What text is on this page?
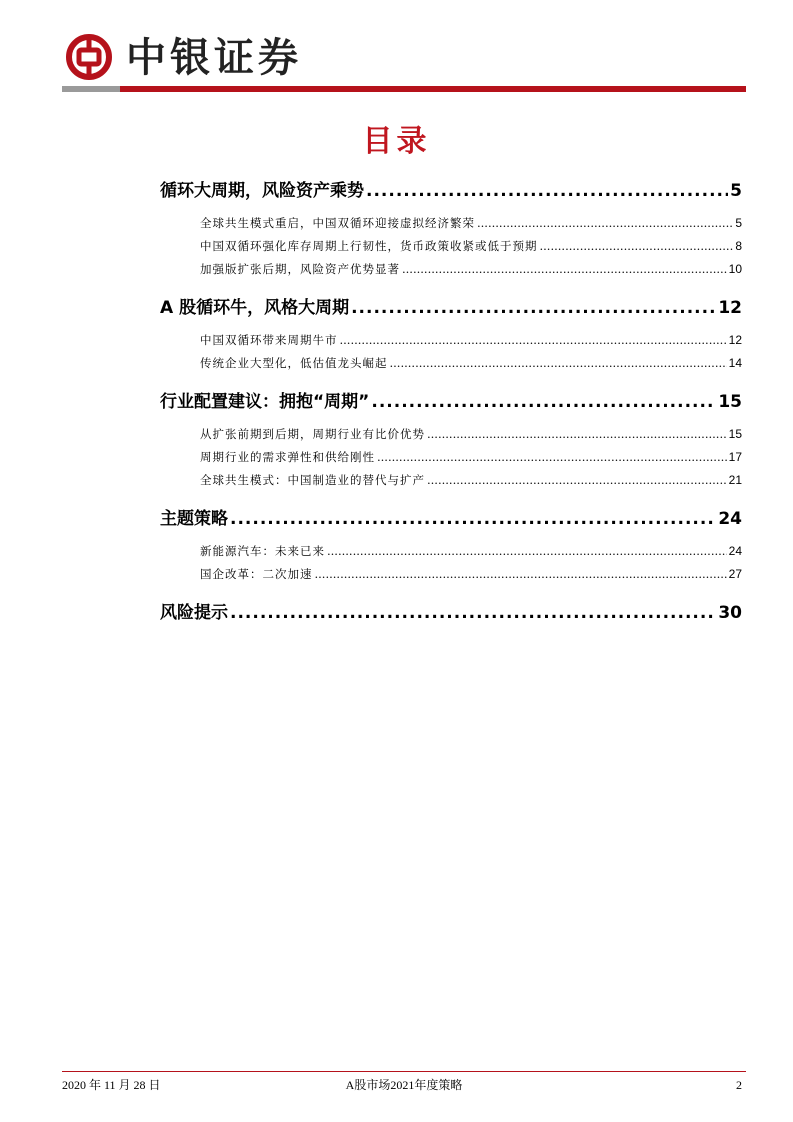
中银证券
目录
循环大周期，风险资产乘势 .....	5
全球共生模式重启，中国双循环迎接虚拟经济繁荣 .....	5
中国双循环强化库存周期上行韧性，货币政策收紧或低于预期 .....	8
加强版扩张后期，风险资产优势显著 .....	10
A 股循环牛，风格大周期 .....	12
中国双循环带来周期牛市 .....	12
传统企业大型化，低估值龙头崛起 .....	14
行业配置建议：拥抱“周期” .....	15
从扩张前期到后期，周期行业有比价优势 .....	15
周期行业的需求弹性和供给刚性 .....	17
全球共生模式：中国制造业的替代与扩产 .....	21
主题策略 .....	24
新能源汽车：未来已来 .....	24
国企改革：二次加速 .....	27
风险提示 .....	30
2020 年 11 月 28 日	A股市场2021年度策略	2
